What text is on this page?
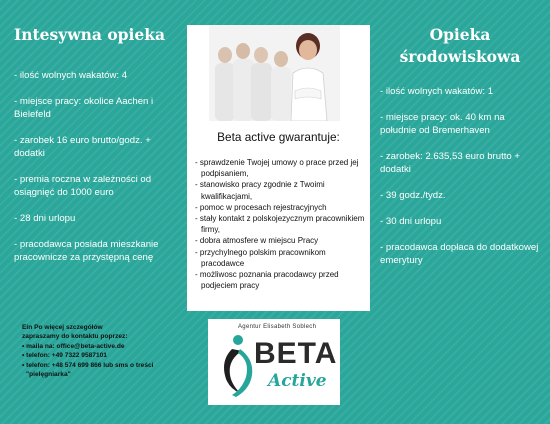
Intesywna opieka
- ilość wolnych wakatów: 4
- miejsce pracy: okolice Aachen i Bielefeld
- zarobek 16 euro brutto/godz. + dodatki
- premia roczna w zależności od osiągnięć do 1000 euro
- 28 dni urlopu
- pracodawca posiada mieszkanie pracownicze za przystępną cenę
Beta active gwarantuje:
- sprawdzenie Twojej umowy o prace przed jej podpisaniem,
- stanowisko pracy zgodnie z Twoimi kwalifikacjami,
- pomoc w procesach rejestracyjnych
- stały kontakt z polskojezycznym pracownikiem firmy,
- dobra atmosfere w miejscu Pracy
- przychylnego polskim pracownikom pracodawce
- możliwosc poznania pracodawcy przed podjeciem pracy
Opieka środowiskowa
- ilość wolnych wakatów: 1
- miejsce pracy: ok. 40 km na południe od Bremerhaven
- zarobek: 2.635,53 euro brutto + dodatki
- 39 godz./tydz.
- 30 dni urlopu
- pracodawca dopłaca do dodatkowej emerytury
Ein Po więcej szczegółów
zapraszamy do kontaktu poprzez:
• maila na: office@beta-active.de
• telefon: +49 7322 9587101
• telefon: +48 574 699 866 lub sms o treści "pielęgniarka"
Agentur Elisabeth Soblech
BETA
Active
